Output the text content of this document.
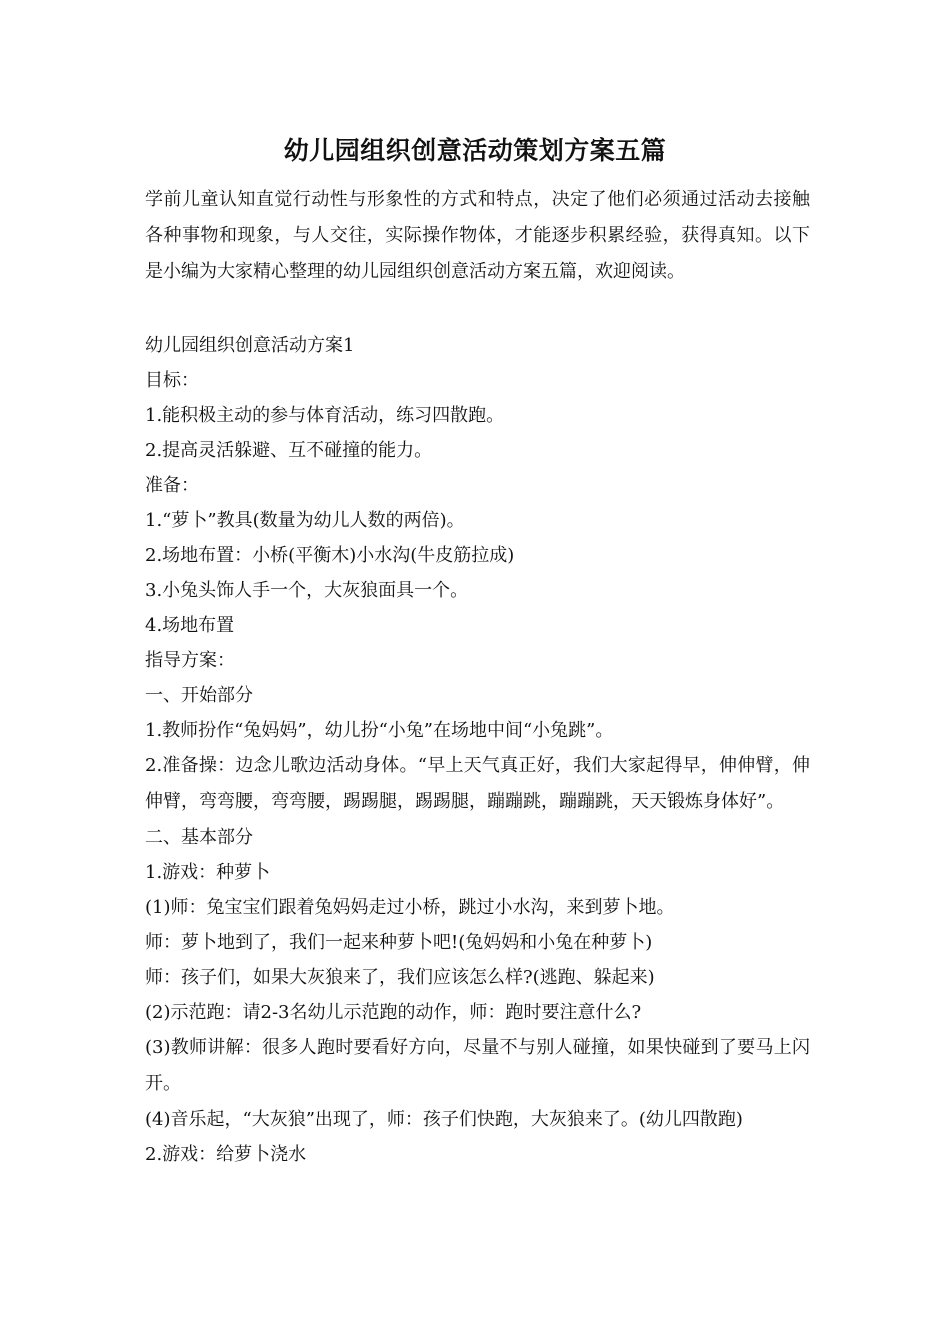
幼儿园组织创意活动策划方案五篇

学前儿童认知直觉行动性与形象性的方式和特点，决定了他们必须通过活动去接触各种事物和现象，与人交往，实际操作物体，才能逐步积累经验，获得真知。以下是小编为大家精心整理的幼儿园组织创意活动方案五篇，欢迎阅读。

幼儿园组织创意活动方案1

目标：

1.能积极主动的参与体育活动，练习四散跑。

2.提高灵活躲避、互不碰撞的能力。

准备：

1.“萝卜”教具(数量为幼儿人数的两倍)。

2.场地布置：小桥(平衡木)小水沟(牛皮筋拉成)

3.小兔头饰人手一个，大灰狼面具一个。

4.场地布置

指导方案：

一、开始部分

1.教师扮作“兔妈妈”，幼儿扮“小兔”在场地中间“小兔跳”。

2.准备操：边念儿歌边活动身体。“早上天气真正好，我们大家起得早，伸伸臂，伸伸臂，弯弯腰，弯弯腰，踢踢腿，踢踢腿，蹦蹦跳，蹦蹦跳，天天锻炼身体好”。

二、基本部分

1.游戏：种萝卜

(1)师：兔宝宝们跟着兔妈妈走过小桥，跳过小水沟，来到萝卜地。

师：萝卜地到了，我们一起来种萝卜吧!(兔妈妈和小兔在种萝卜)

师：孩子们，如果大灰狼来了，我们应该怎么样?(逃跑、躲起来)

(2)示范跑：请2-3名幼儿示范跑的动作，师：跑时要注意什么?

(3)教师讲解：很多人跑时要看好方向，尽量不与别人碰撞，如果快碰到了要马上闪开。

(4)音乐起，“大灰狼”出现了，师：孩子们快跑，大灰狼来了。(幼儿四散跑)

2.游戏：给萝卜浇水
